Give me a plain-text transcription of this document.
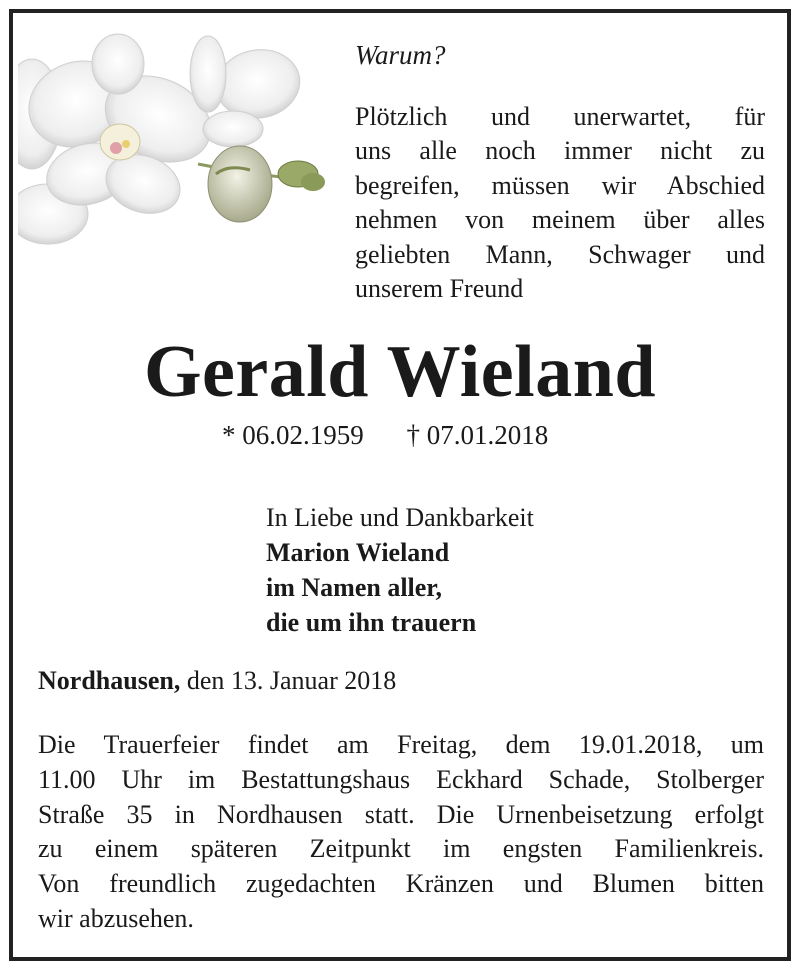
Warum?
Plötzlich und unerwartet, für
uns alle noch immer nicht zu
begreifen, müssen wir Abschied
nehmen von meinem über alles
geliebten Mann, Schwager und
unserem Freund
Gerald Wieland
* 06.02.1959 † 07.01.2018
In Liebe und Dankbarkeit
Marion Wieland
im Namen aller,
die um ihn trauern
Nordhausen, den 13. Januar 2018
Die Trauerfeier findet am Freitag, dem 19.01.2018, um
11.00 Uhr im Bestattungshaus Eckhard Schade, Stolberger
Straße 35 in Nordhausen statt. Die Urnenbeisetzung erfolgt
zu einem späteren Zeitpunkt im engsten Familienkreis.
Von freundlich zugedachten Kränzen und Blumen bitten
wir abzusehen.
